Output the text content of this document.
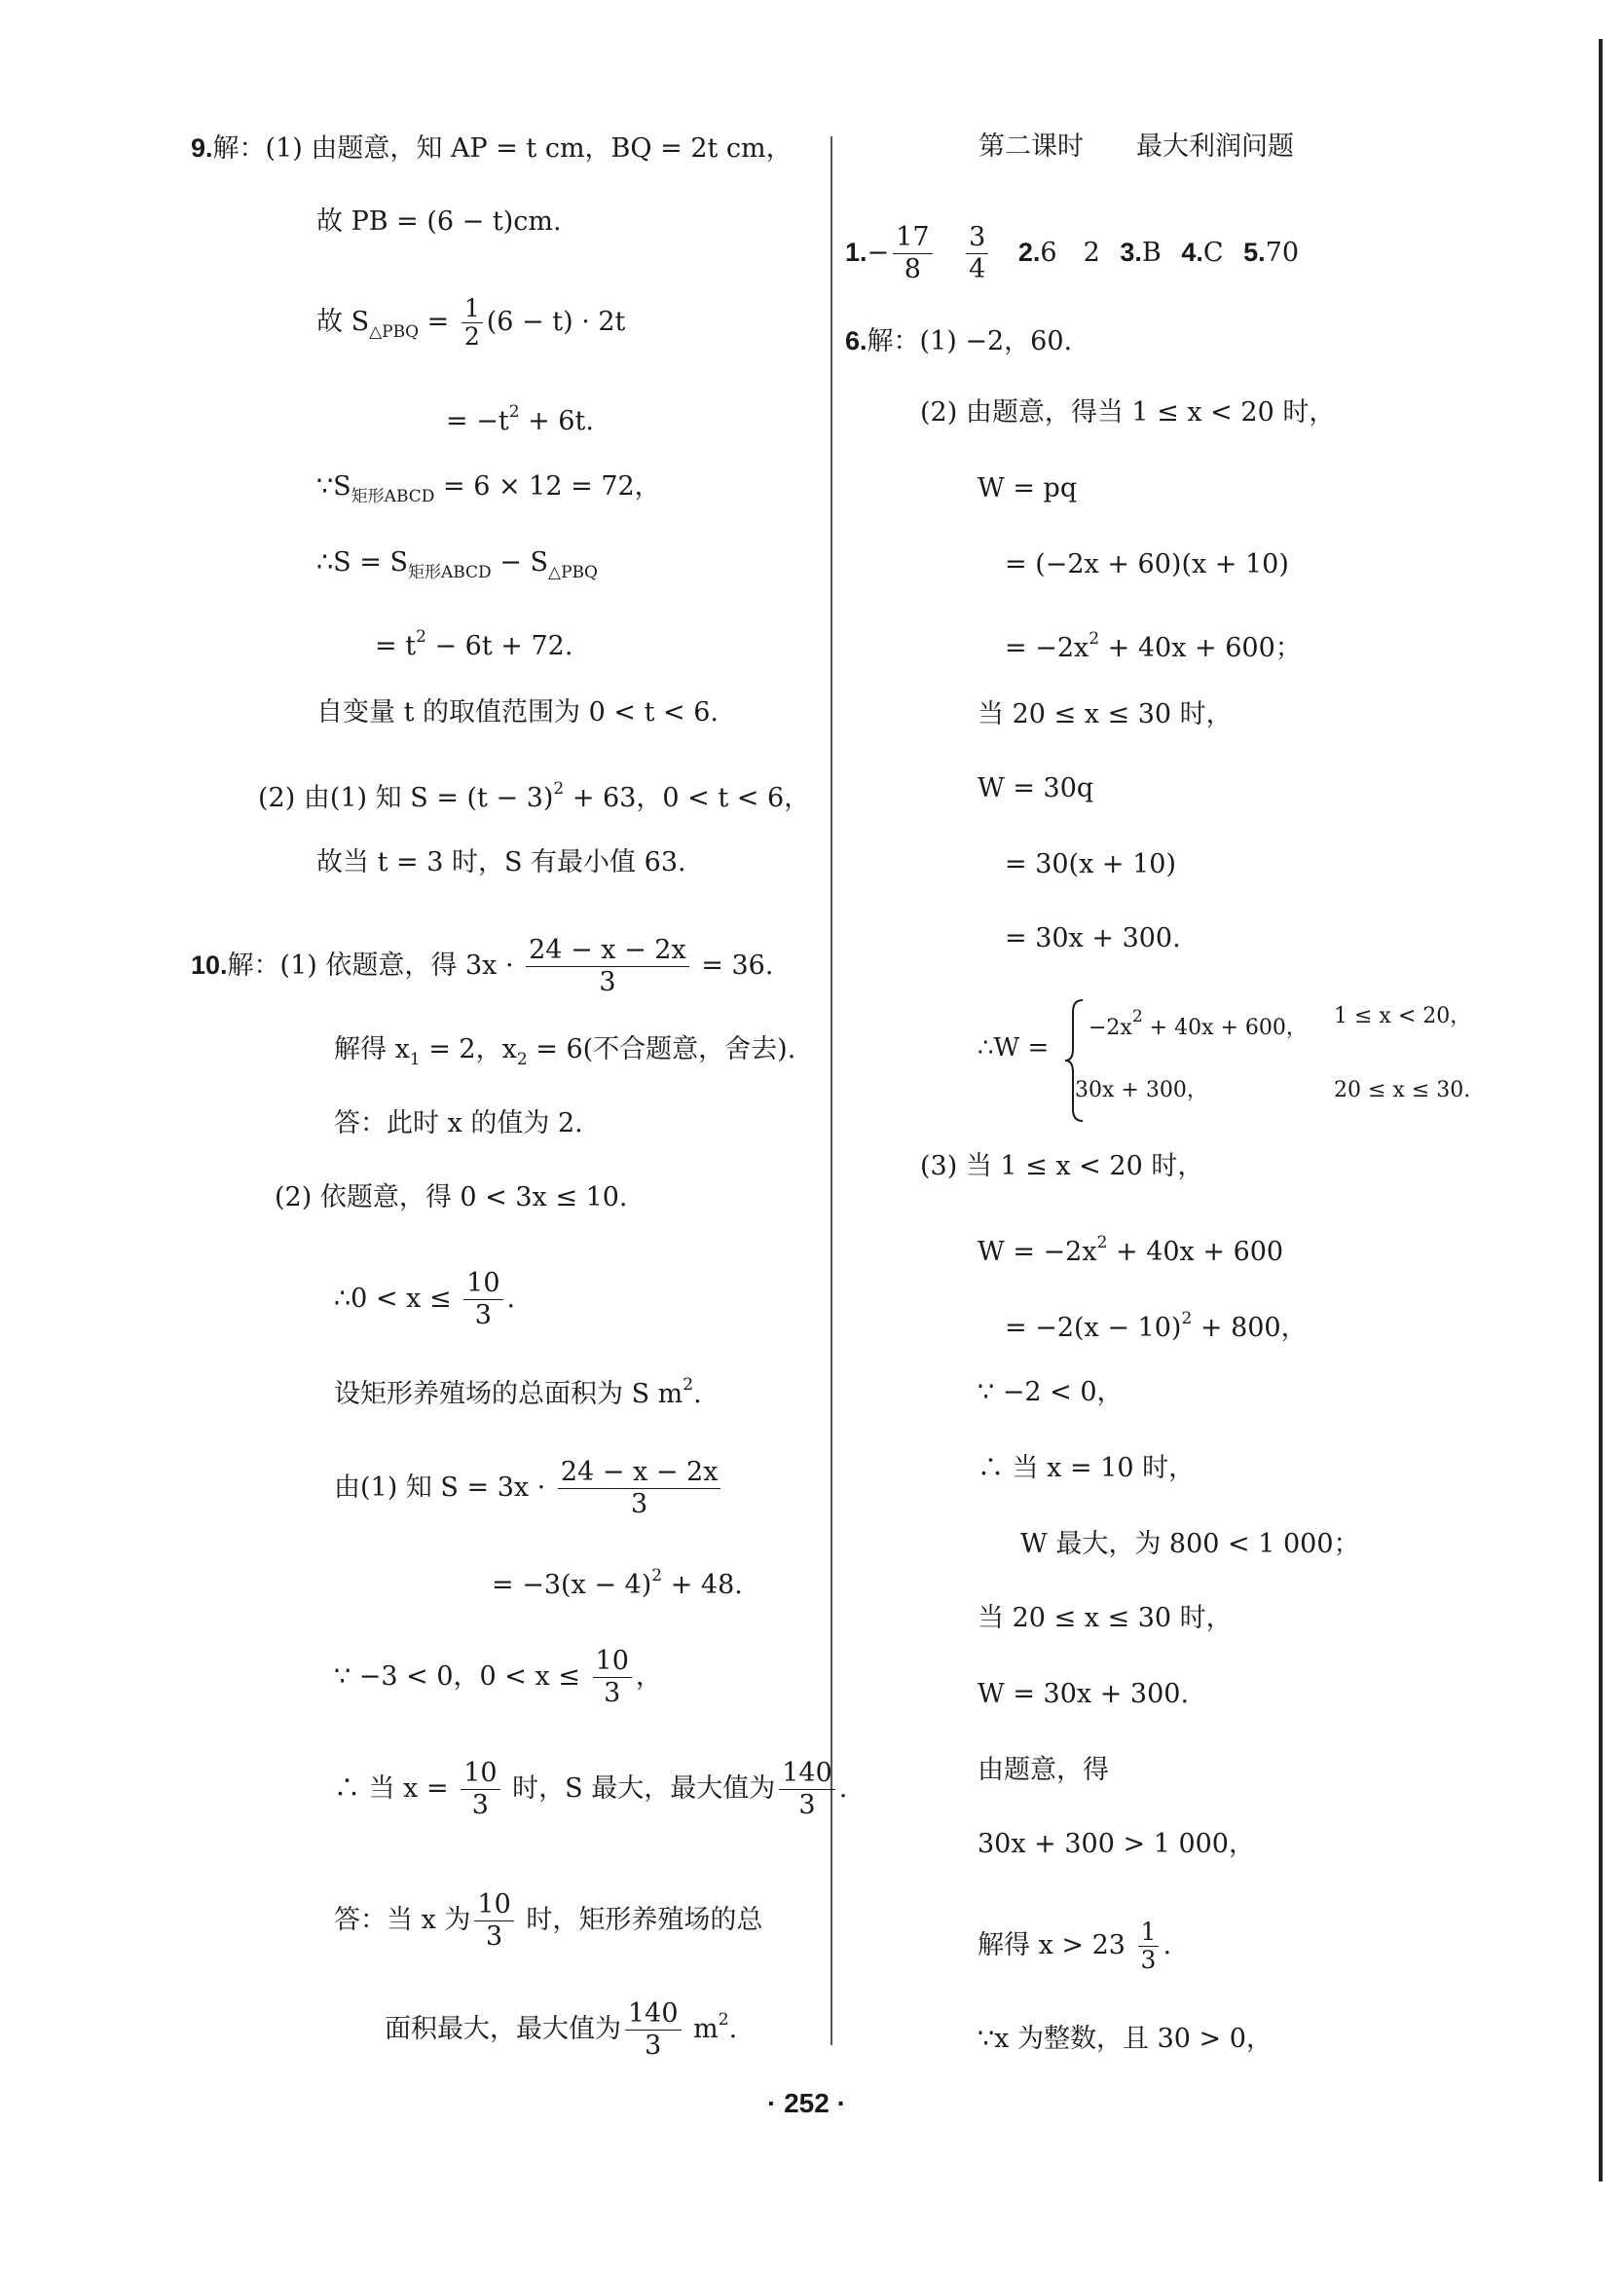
9.解：(1) 由题意，知 AP = t cm，BQ = 2t cm，
故 PB = (6 − t)cm.
故 $S_{\triangle PBQ} = \frac{1}{2} (6 - t) \cdot 2t$
= $-t^2 + 6t$.
$\because S_{矩形ABCD} = 6 \times 12 = 72$，
∴S = $S_{矩形ABCD} - S_{\triangle PBQ}$
= $t^2 - 6t + 72$.
自变量 t 的取值范围为 0 < t < 6.
(2) 由(1) 知 $S = (t - 3)^2 + 63$，0 < t < 6，
故当 t = 3 时，S 有最小值 63.
10.解：(1) 依题意，得 $3x \cdot \frac{24 - x - 2x}{3} = 36$.
解得 $x_1 = 2$，$x_2 = 6$(不合题意，舍去).
答：此时 x 的值为 2.
(2) 依题意，得 0 < 3x ≤ 10.
∴0 < $x \le \frac{10}{3}$ .
设矩形养殖场的总面积为 S $m^2$.
由(1) 知 $S = 3x \cdot \frac{24 - x - 2x}{3}$
= $-3(x - 4)^2 + 48$.
∵ −3 < 0，$0 < x \le \frac{10}{3}$ ，
∴ 当 $x = \frac{10}{3}$ 时，S 最大，最大值为 $\frac{140}{3}$ .
答：当 x 为 $\frac{10}{3}$ 时，矩形养殖场的总
面积最大，最大值为 $\frac{140}{3} m^2$.
第二课时　　最大利润问题
$1.- \frac{17}{8}$
$\frac{3}{4} 2.6$　2 3.B 4.C 5.70
6.解：(1) −2，60.
(2) 由题意，得当 1 ≤ x < 20 时，
W = pq
= (−2x + 60)(x + 10)
= $-2x^2 + 40x + 600$；
当 20 ≤ x ≤ 30 时，
W = 30q
= 30(x + 10)
= 30x + 300.
∴W =
$-2x^2 + 40x + 600$， 1 ≤ x < 20，
30x + 300，	20 ≤ x ≤ 30.
(3) 当 1 ≤ x < 20 时，
$W = -2x^2 + 40x + 600$
= $-2(x - 10)^2 + 800$，
∵ −2 < 0，
∴ 当 x = 10 时，
W 最大，为 800 < 1 000；
当 20 ≤ x ≤ 30 时，
W = 30x + 300.
由题意，得
30x + 300 > 1 000，
解得 $x > 23 \frac{1}{3}$ .
∵x 为整数，且 30 > 0，
· 252 ·
